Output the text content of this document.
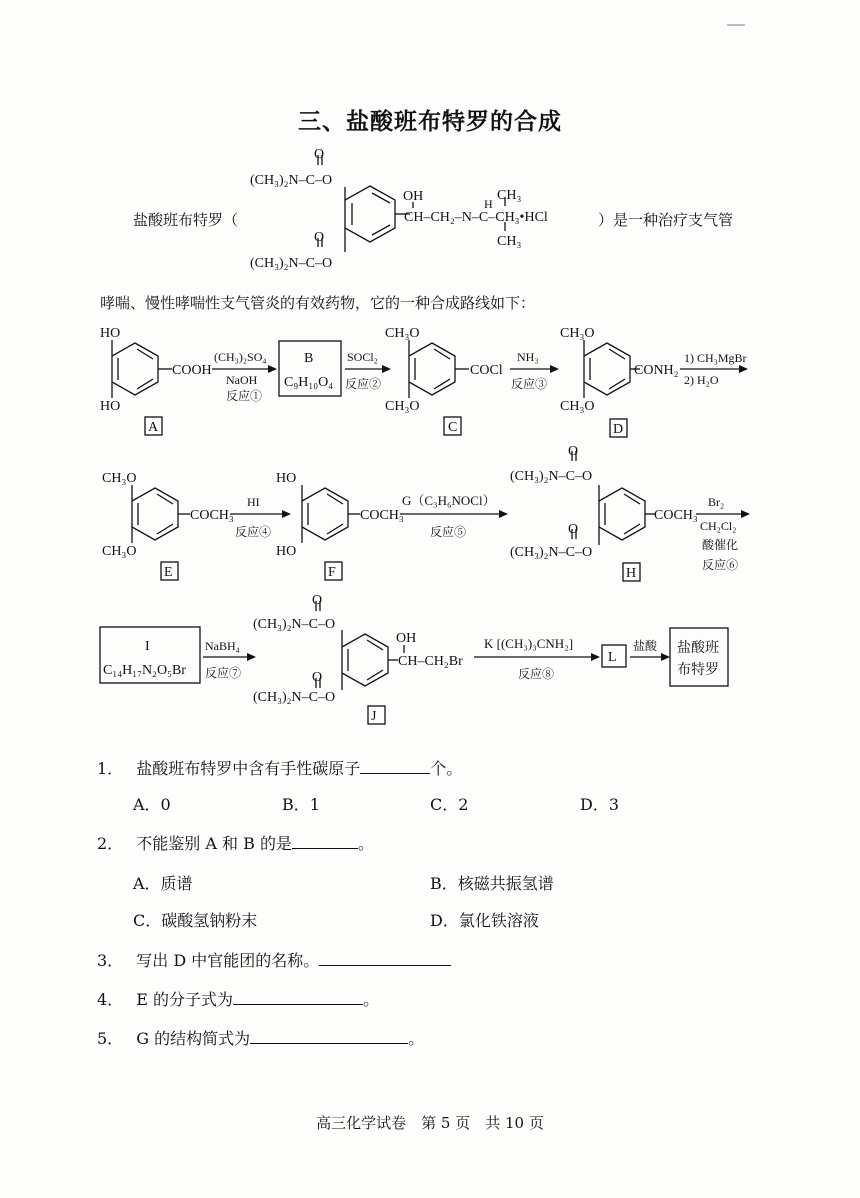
三、盐酸班布特罗的合成
盐酸班布特罗（	）是一种治疗支气管
哮喘、慢性哮喘性支气管炎的有效药物，它的一种合成路线如下：
O
(CH₃)₂N–C–O
O
(CH₃)₂N–C–O
OH
CH–CH₂–N–C–CH₃•HCl
H
CH₃
CH₃
HO
HO
COOH
A
(CH₃)₂SO₄
NaOH
反应①
B
C₉H₁₀O₄
SOCl₂
反应②
CH₃O
CH₃O
COCl
C
NH₃
反应③
CH₃O
CH₃O
CONH₂
D
1) CH₃MgBr
2) H₂O
CH₃O
CH₃O
COCH₃
E
HI
反应④
HO
HO
COCH₃
F
G（C₃H₆NOCl）
反应⑤
O
(CH₃)₂N–C–O
O
(CH₃)₂N–C–O
COCH₃
H
Br₂
CH₂Cl₂
酸催化
反应⑥
I
C₁₄H₁₇N₂O₅Br
NaBH₄
反应⑦
O
(CH₃)₂N–C–O
O
(CH₃)₂N–C–O
OH
CH–CH₂Br
J
K [(CH₃)₃CNH₂]
反应⑧
L
盐酸 盐酸班
布特罗
1． 盐酸班布特罗中含有手性碳原子	个。
A．0	B．1	C．2	D．3
2． 不能鉴别 A 和 B 的是	。
A．质谱	B．核磁共振氢谱
C．碳酸氢钠粉末	D．氯化铁溶液
3． 写出 D 中官能团的名称。
4． E 的分子式为	。
5． G 的结构简式为	。
高三化学试卷　第 5 页　共 10 页
